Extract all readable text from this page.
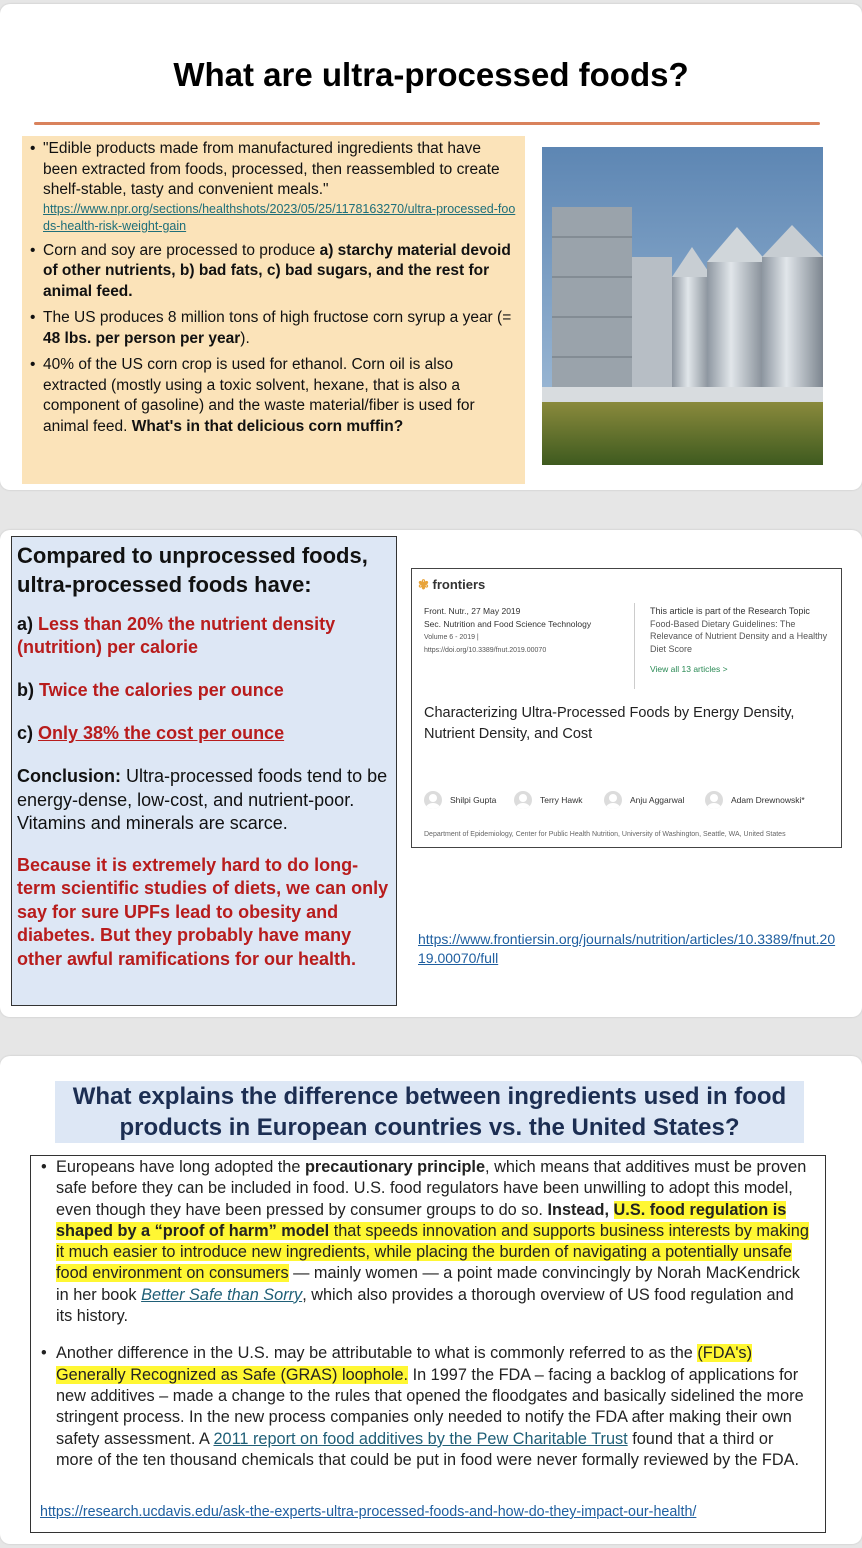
What are ultra-processed foods?
• "Edible products made from manufactured ingredients that have been extracted from foods, processed, then reassembled to create shelf-stable, tasty and convenient meals."
https://www.npr.org/sections/healthshots/2023/05/25/1178163270/ultra-processed-foods-health-risk-weight-gain
• Corn and soy are processed to produce a) starchy material devoid of other nutrients, b) bad fats, c) bad sugars, and the rest for animal feed.
• The US produces 8 million tons of high fructose corn syrup a year (= 48 lbs. per person per year).
• 40% of the US corn crop is used for ethanol. Corn oil is also extracted (mostly using a toxic solvent, hexane, that is also a component of gasoline) and the waste material/fiber is used for animal feed. What's in that delicious corn muffin?
Compared to unprocessed foods, ultra-processed foods have:
a) Less than 20% the nutrient density (nutrition) per calorie
b) Twice the calories per ounce
c) Only 38% the cost per ounce
Conclusion: Ultra-processed foods tend to be energy-dense, low-cost, and nutrient-poor. Vitamins and minerals are scarce.
Because it is extremely hard to do long-term scientific studies of diets, we can only say for sure UPFs lead to obesity and diabetes. But they probably have many other awful ramifications for our health.
✾ frontiers
Front. Nutr., 27 May 2019
Sec. Nutrition and Food Science Technology
Volume 6 - 2019 |
https://doi.org/10.3389/fnut.2019.00070
This article is part of the Research Topic
Food-Based Dietary Guidelines: The Relevance of Nutrient Density and a Healthy Diet Score
View all 13 articles >
Characterizing Ultra-Processed Foods by Energy Density, Nutrient Density, and Cost
Shilpi Gupta	Terry Hawk	Anju Aggarwal	Adam Drewnowski*
Department of Epidemiology, Center for Public Health Nutrition, University of Washington, Seattle, WA, United States
https://www.frontiersin.org/journals/nutrition/articles/10.3389/fnut.2019.00070/full
What explains the difference between ingredients used in food products in European countries vs. the United States?
• Europeans have long adopted the precautionary principle, which means that additives must be proven safe before they can be included in food. U.S. food regulators have been unwilling to adopt this model, even though they have been pressed by consumer groups to do so. Instead, U.S. food regulation is shaped by a “proof of harm” model that speeds innovation and supports business interests by making it much easier to introduce new ingredients, while placing the burden of navigating a potentially unsafe food environment on consumers — mainly women — a point made convincingly by Norah MacKendrick in her book Better Safe than Sorry, which also provides a thorough overview of US food regulation and its history.
• Another difference in the U.S. may be attributable to what is commonly referred to as the (FDA's) Generally Recognized as Safe (GRAS) loophole. In 1997 the FDA – facing a backlog of applications for new additives – made a change to the rules that opened the floodgates and basically sidelined the more stringent process. In the new process companies only needed to notify the FDA after making their own safety assessment. A 2011 report on food additives by the Pew Charitable Trust found that a third or more of the ten thousand chemicals that could be put in food were never formally reviewed by the FDA.
https://research.ucdavis.edu/ask-the-experts-ultra-processed-foods-and-how-do-they-impact-our-health/
